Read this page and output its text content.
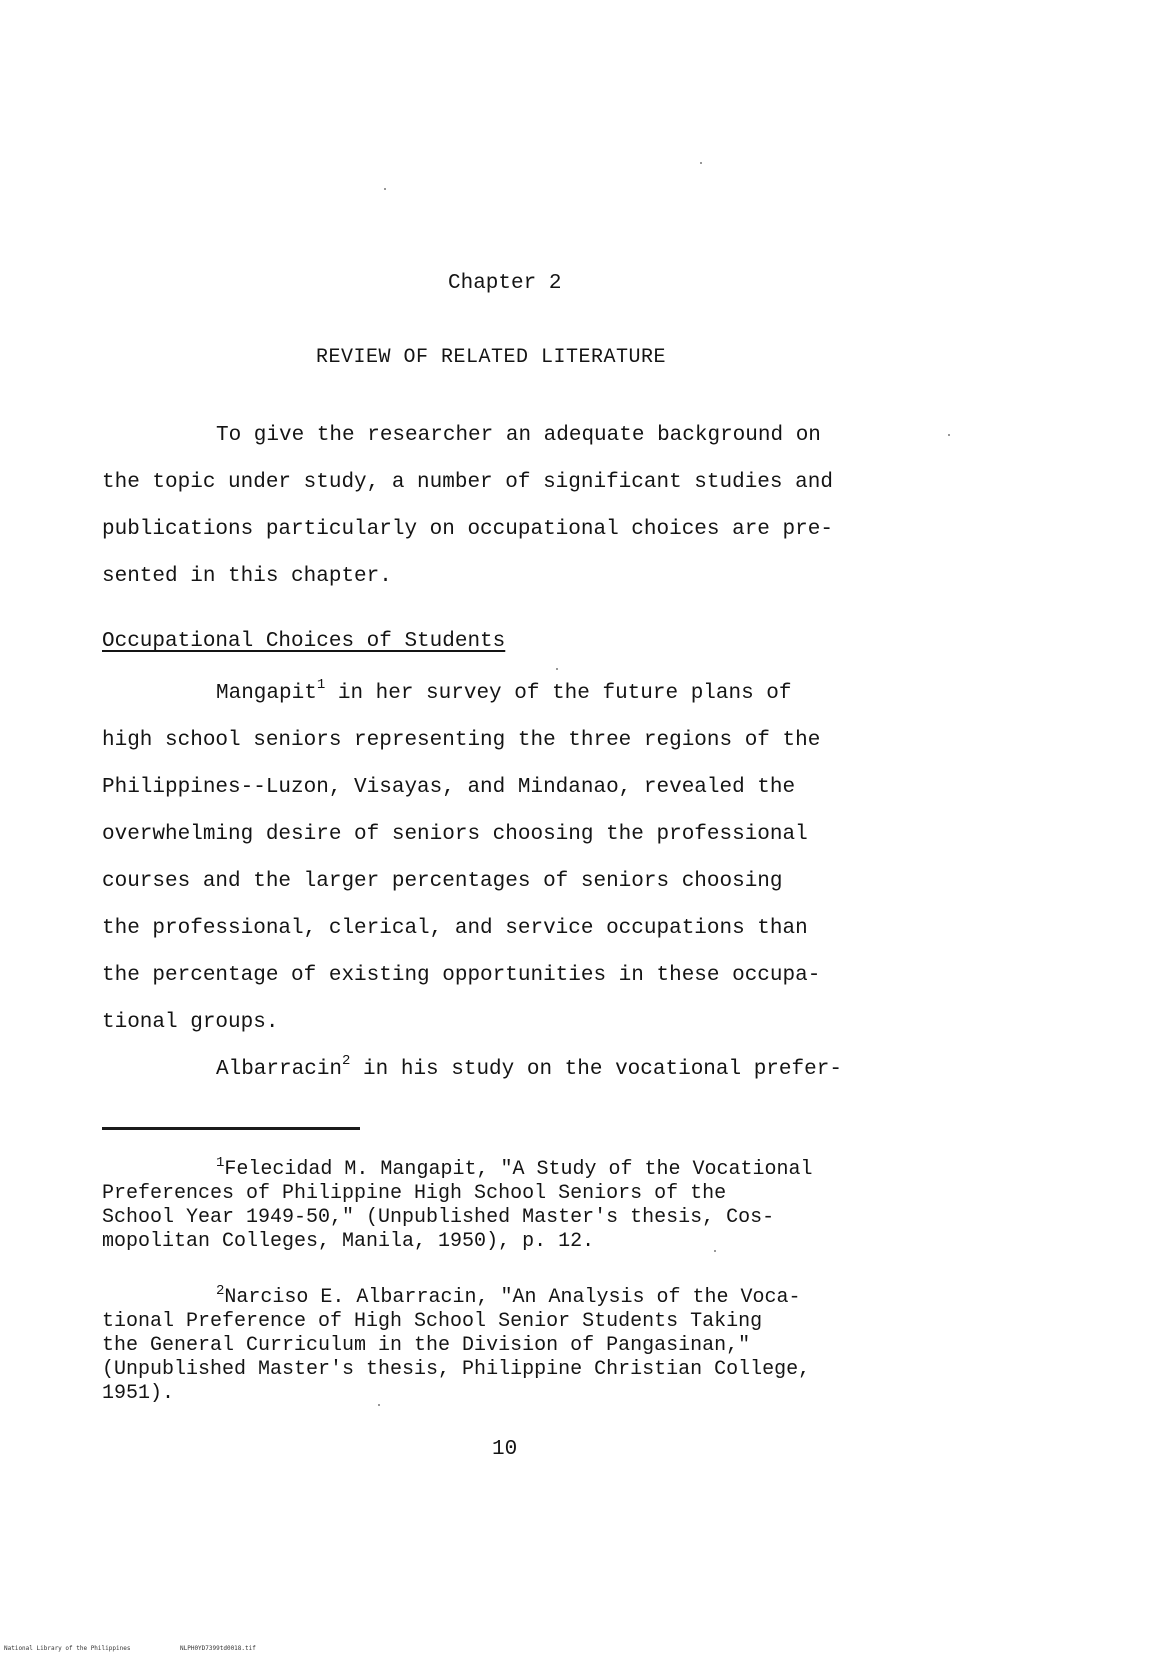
Chapter 2
REVIEW OF RELATED LITERATURE
To give the researcher an adequate background on
the topic under study, a number of significant studies and
publications particularly on occupational choices are pre-
sented in this chapter.
Occupational Choices of Students
Mangapit$^1$ in her survey of the future plans of
high school seniors representing the three regions of the
Philippines--Luzon, Visayas, and Mindanao, revealed the
overwhelming desire of seniors choosing the professional
courses and the larger percentages of seniors choosing
the professional, clerical, and service occupations than
the percentage of existing opportunities in these occupa-
tional groups.
Albarracin$^2$ in his study on the vocational prefer-
$^1$Felecidad M. Mangapit, "A Study of the Vocational
Preferences of Philippine High School Seniors of the
School Year 1949-50," (Unpublished Master's thesis, Cos-
mopolitan Colleges, Manila, 1950), p. 12.
$^2$Narciso E. Albarracin, "An Analysis of the Voca-
tional Preference of High School Senior Students Taking
the General Curriculum in the Division of Pangasinan,"
(Unpublished Master's thesis, Philippine Christian College,
1951).
10
National Library of the Philippines	NLPH0YD7399td0018.tif
